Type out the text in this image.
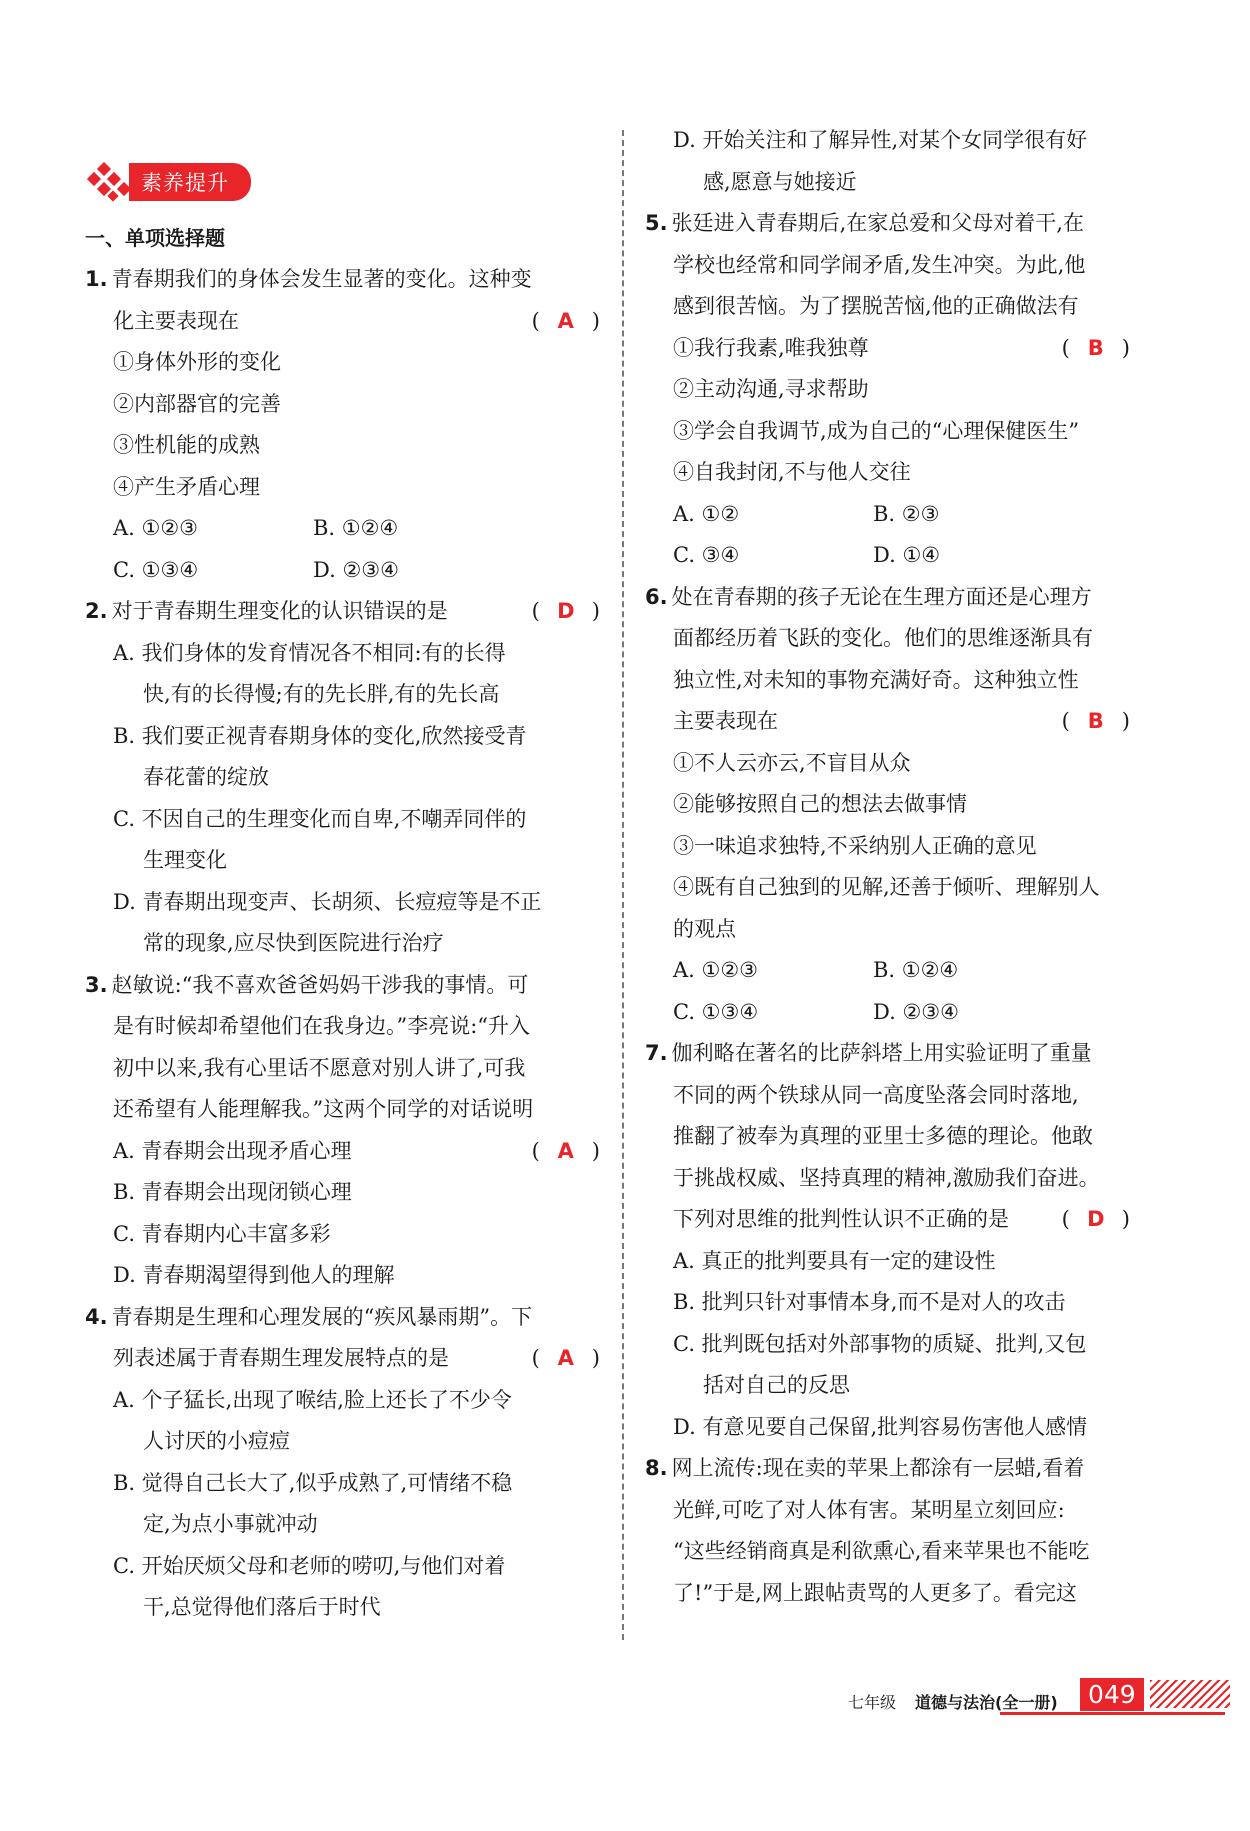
素养提升
一、单项选择题
1. 青春期我们的身体会发生显著的变化。这种变
化主要表现在	( A )
①身体外形的变化
②内部器官的完善
③性机能的成熟
④产生矛盾心理
A. ①②③	B. ①②④
C. ①③④	D. ②③④
2. 对于青春期生理变化的认识错误的是	( D )
A. 我们身体的发育情况各不相同:有的长得
快,有的长得慢;有的先长胖,有的先长高
B. 我们要正视青春期身体的变化,欣然接受青
春花蕾的绽放
C. 不因自己的生理变化而自卑,不嘲弄同伴的
生理变化
D. 青春期出现变声、长胡须、长痘痘等是不正
常的现象,应尽快到医院进行治疗
3. 赵敏说:“我不喜欢爸爸妈妈干涉我的事情。可
是有时候却希望他们在我身边。”李亮说:“升入
初中以来,我有心里话不愿意对别人讲了,可我
还希望有人能理解我。”这两个同学的对话说明
( A )
A. 青春期会出现矛盾心理
B. 青春期会出现闭锁心理
C. 青春期内心丰富多彩
D. 青春期渴望得到他人的理解
4. 青春期是生理和心理发展的“疾风暴雨期”。下
列表述属于青春期生理发展特点的是	( A )
A. 个子猛长,出现了喉结,脸上还长了不少令
人讨厌的小痘痘
B. 觉得自己长大了,似乎成熟了,可情绪不稳
定,为点小事就冲动
C. 开始厌烦父母和老师的唠叨,与他们对着
干,总觉得他们落后于时代
D. 开始关注和了解异性,对某个女同学很有好
感,愿意与她接近
5. 张廷进入青春期后,在家总爱和父母对着干,在
学校也经常和同学闹矛盾,发生冲突。为此,他
感到很苦恼。为了摆脱苦恼,他的正确做法有
( B )
①我行我素,唯我独尊
②主动沟通,寻求帮助
③学会自我调节,成为自己的“心理保健医生”
④自我封闭,不与他人交往
A. ①②	B. ②③
C. ③④	D. ①④
6. 处在青春期的孩子无论在生理方面还是心理方
面都经历着飞跃的变化。他们的思维逐渐具有
独立性,对未知的事物充满好奇。这种独立性
主要表现在	( B )
①不人云亦云,不盲目从众
②能够按照自己的想法去做事情
③一味追求独特,不采纳别人正确的意见
④既有自己独到的见解,还善于倾听、理解别人
的观点
A. ①②③	B. ①②④
C. ①③④	D. ②③④
7. 伽利略在著名的比萨斜塔上用实验证明了重量
不同的两个铁球从同一高度坠落会同时落地,
推翻了被奉为真理的亚里士多德的理论。他敢
于挑战权威、坚持真理的精神,激励我们奋进。
下列对思维的批判性认识不正确的是	( D )
A. 真正的批判要具有一定的建设性
B. 批判只针对事情本身,而不是对人的攻击
C. 批判既包括对外部事物的质疑、批判,又包
括对自己的反思
D. 有意见要自己保留,批判容易伤害他人感情
8. 网上流传:现在卖的苹果上都涂有一层蜡,看着
光鲜,可吃了对人体有害。某明星立刻回应:
“这些经销商真是利欲熏心,看来苹果也不能吃
了!”于是,网上跟帖责骂的人更多了。看完这
七年级 道德与法治(全一册)	049
